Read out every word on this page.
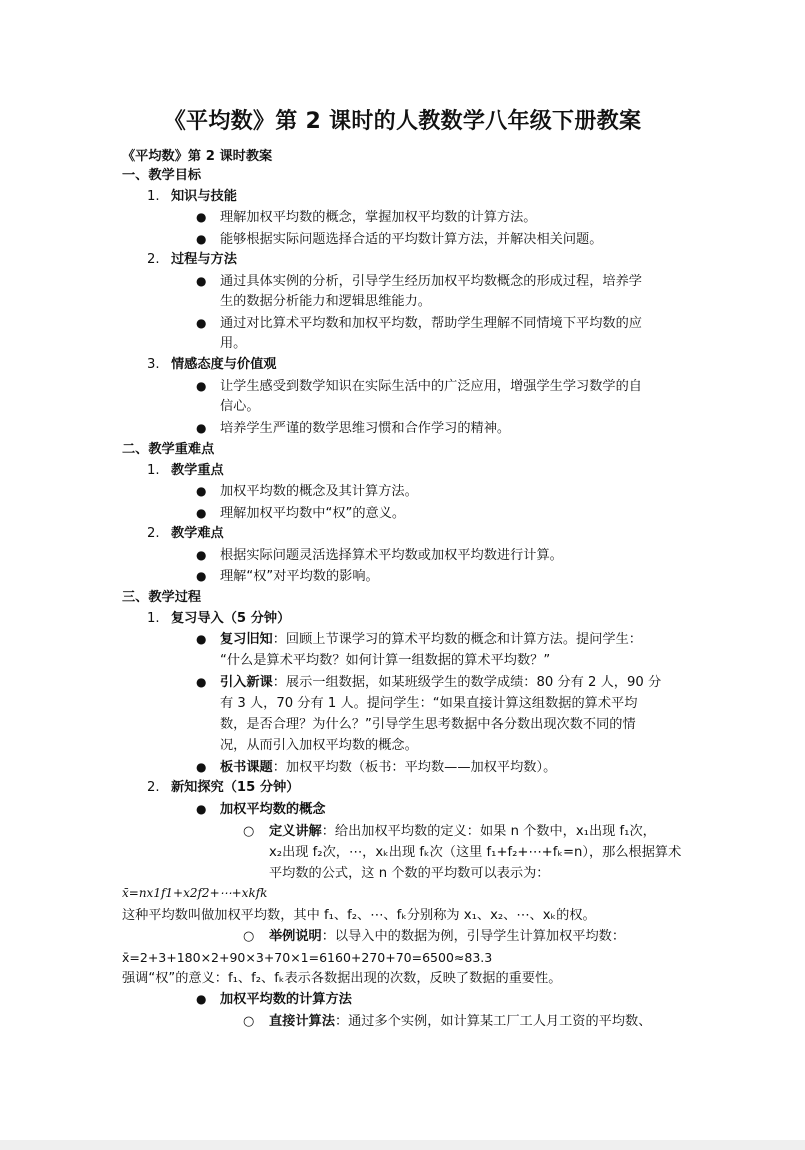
《平均数》第 2 课时的人教数学八年级下册教案
《平均数》第 2 课时教案
一、教学目标
1. 知识与技能
● 理解加权平均数的概念，掌握加权平均数的计算方法。
● 能够根据实际问题选择合适的平均数计算方法，并解决相关问题。
2. 过程与方法
● 通过具体实例的分析，引导学生经历加权平均数概念的形成过程，培养学
生的数据分析能力和逻辑思维能力。
● 通过对比算术平均数和加权平均数，帮助学生理解不同情境下平均数的应
用。
3. 情感态度与价值观
● 让学生感受到数学知识在实际生活中的广泛应用，增强学生学习数学的自
信心。
● 培养学生严谨的数学思维习惯和合作学习的精神。
二、教学重难点
1. 教学重点
● 加权平均数的概念及其计算方法。
● 理解加权平均数中“权”的意义。
2. 教学难点
● 根据实际问题灵活选择算术平均数或加权平均数进行计算。
● 理解“权”对平均数的影响。
三、教学过程
1. 复习导入（5 分钟）
● 复习旧知：回顾上节课学习的算术平均数的概念和计算方法。提问学生：
“什么是算术平均数？如何计算一组数据的算术平均数？”
● 引入新课：展示一组数据，如某班级学生的数学成绩：80 分有 2 人，90 分
有 3 人，70 分有 1 人。提问学生：“如果直接计算这组数据的算术平均
数，是否合理？为什么？”引导学生思考数据中各分数出现次数不同的情
况，从而引入加权平均数的概念。
● 板书课题：加权平均数（板书：平均数——加权平均数）。
2. 新知探究（15 分钟）
● 加权平均数的概念
○ 定义讲解：给出加权平均数的定义：如果 n 个数中，x₁出现 f₁次，
x₂出现 f₂次，⋯，xₖ出现 fₖ次（这里 f₁+f₂+⋯+fₖ=n），那么根据算术
平均数的公式，这 n 个数的平均数可以表示为：
x̄=nx1f1+x2f2+⋯+xkfk
这种平均数叫做加权平均数，其中 f₁、f₂、⋯、fₖ分别称为 x₁、x₂、⋯、xₖ的权。
○ 举例说明：以导入中的数据为例，引导学生计算加权平均数：
x̄=2+3+180×2+90×3+70×1=6160+270+70=6500≈83.3
强调“权”的意义：f₁、f₂、fₖ表示各数据出现的次数，反映了数据的重要性。
● 加权平均数的计算方法
○ 直接计算法：通过多个实例，如计算某工厂工人月工资的平均数、
